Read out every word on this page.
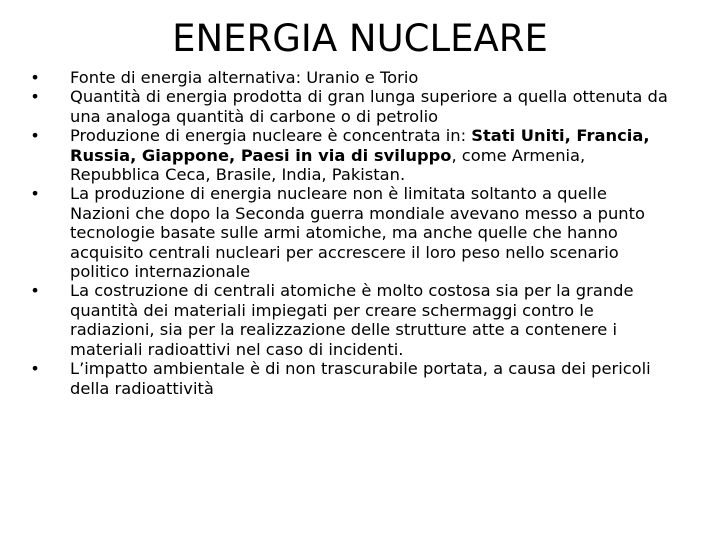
ENERGIA NUCLEARE
• Fonte di energia alternativa: Uranio e Torio
• Quantità di energia prodotta di gran lunga superiore a quella ottenuta da una analoga quantità di carbone o di petrolio
• Produzione di energia nucleare è concentrata in: Stati Uniti, Francia, Russia, Giappone, Paesi in via di sviluppo, come Armenia, Repubblica Ceca, Brasile, India, Pakistan.
• La produzione di energia nucleare non è limitata soltanto a quelle Nazioni che dopo la Seconda guerra mondiale avevano messo a punto tecnologie basate sulle armi atomiche, ma anche quelle che hanno acquisito centrali nucleari per accrescere il loro peso nello scenario politico internazionale
• La costruzione di centrali atomiche è molto costosa sia per la grande quantità dei materiali impiegati per creare schermaggi contro le radiazioni, sia per la realizzazione delle strutture atte a contenere i materiali radioattivi nel caso di incidenti.
• L’impatto ambientale è di non trascurabile portata, a causa dei pericoli della radioattività
